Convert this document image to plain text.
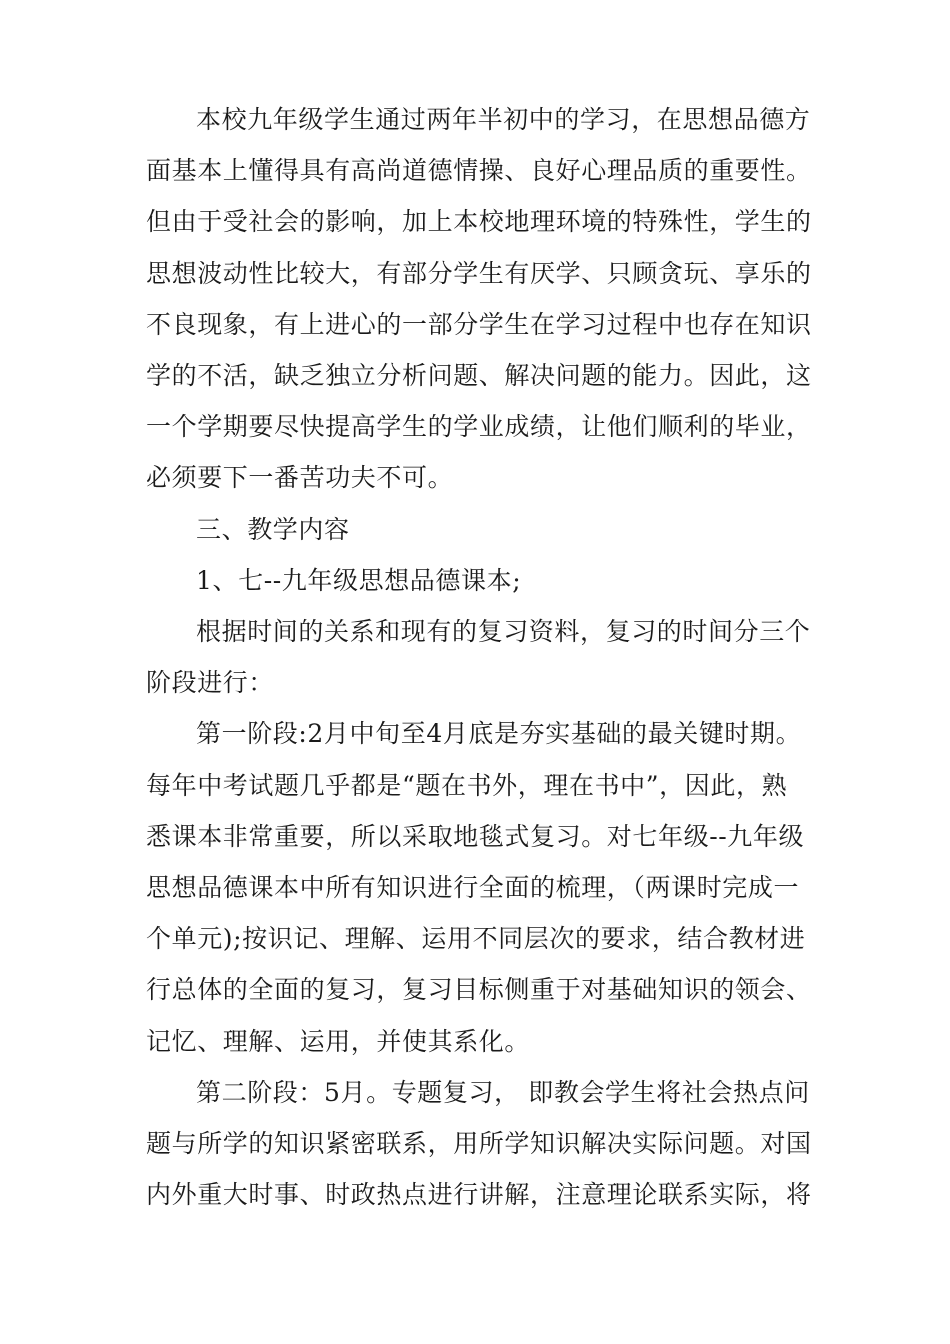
本校九年级学生通过两年半初中的学习，在思想品德方
面基本上懂得具有高尚道德情操、良好心理品质的重要性。
但由于受社会的影响，加上本校地理环境的特殊性，学生的
思想波动性比较大，有部分学生有厌学、只顾贪玩、享乐的
不良现象，有上进心的一部分学生在学习过程中也存在知识
学的不活，缺乏独立分析问题、解决问题的能力。因此，这
一个学期要尽快提高学生的学业成绩，让他们顺利的毕业，
必须要下一番苦功夫不可。
三、教学内容
1、七--九年级思想品德课本;
根据时间的关系和现有的复习资料，复习的时间分三个
阶段进行：
第一阶段:2月中旬至4月底是夯实基础的最关键时期。
每年中考试题几乎都是“题在书外，理在书中”，因此，熟
悉课本非常重要，所以采取地毯式复习。对七年级--九年级
思想品德课本中所有知识进行全面的梳理，（两课时完成一
个单元);按识记、理解、运用不同层次的要求，结合教材进
行总体的全面的复习，复习目标侧重于对基础知识的领会、
记忆、理解、运用，并使其系化。
第二阶段：5月。专题复习， 即教会学生将社会热点问
题与所学的知识紧密联系，用所学知识解决实际问题。对国
内外重大时事、时政热点进行讲解，注意理论联系实际，将
